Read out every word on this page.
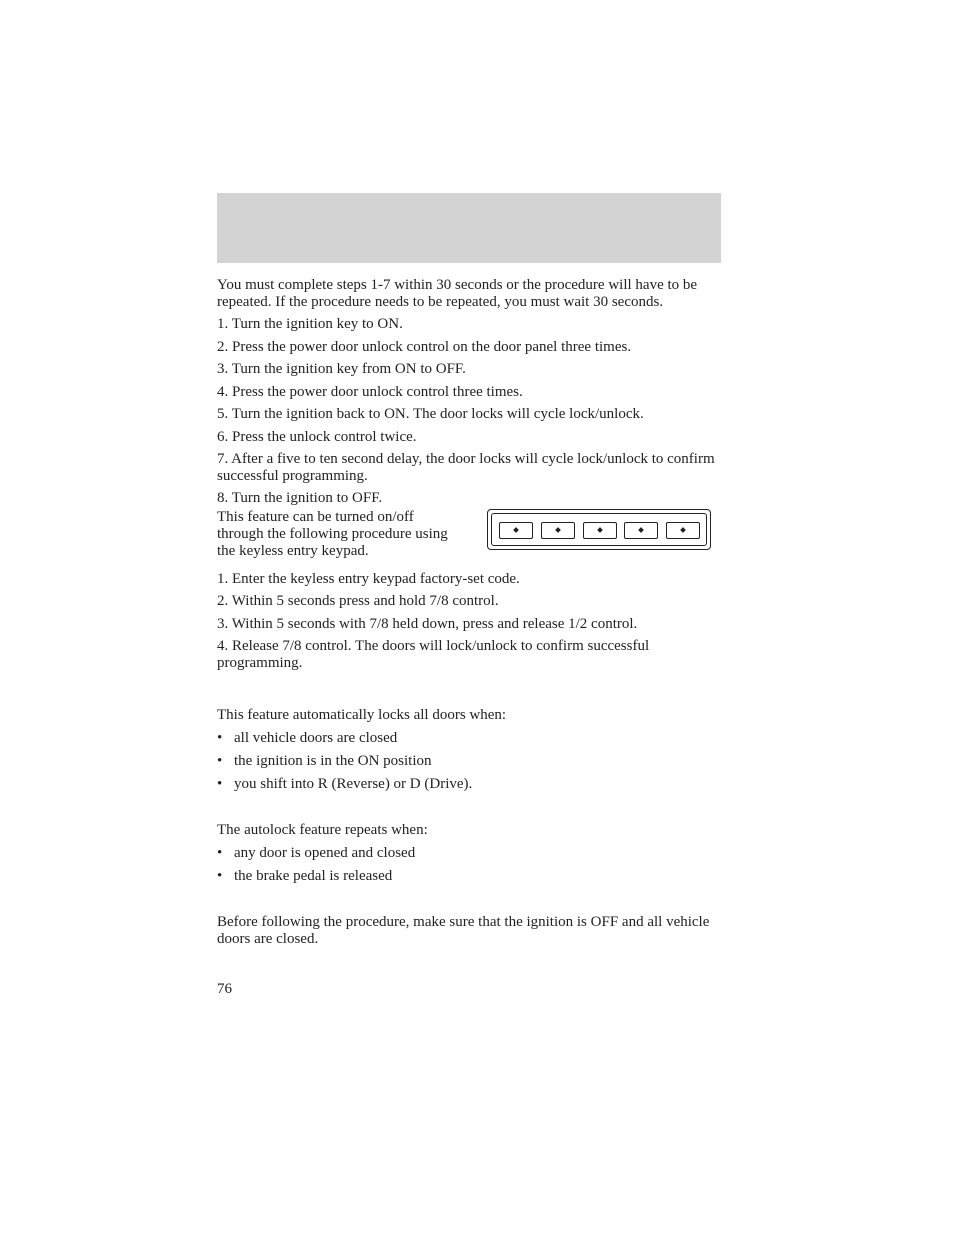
You must complete steps 1-7 within 30 seconds or the procedure will have to be repeated. If the procedure needs to be repeated, you must wait 30 seconds.

1. Turn the ignition key to ON.

2. Press the power door unlock control on the door panel three times.

3. Turn the ignition key from ON to OFF.

4. Press the power door unlock control three times.

5. Turn the ignition back to ON. The door locks will cycle lock/unlock.

6. Press the unlock control twice.

7. After a five to ten second delay, the door locks will cycle lock/unlock to confirm successful programming.

8. Turn the ignition to OFF.

This feature can be turned on/off through the following procedure using the keyless entry keypad.

1. Enter the keyless entry keypad factory-set code.

2. Within 5 seconds press and hold 7/8 control.

3. Within 5 seconds with 7/8 held down, press and release 1/2 control.

4. Release 7/8 control. The doors will lock/unlock to confirm successful programming.

This feature automatically locks all doors when:

• all vehicle doors are closed
• the ignition is in the ON position
• you shift into R (Reverse) or D (Drive).

The autolock feature repeats when:

• any door is opened and closed
• the brake pedal is released

Before following the procedure, make sure that the ignition is OFF and all vehicle doors are closed.

76
